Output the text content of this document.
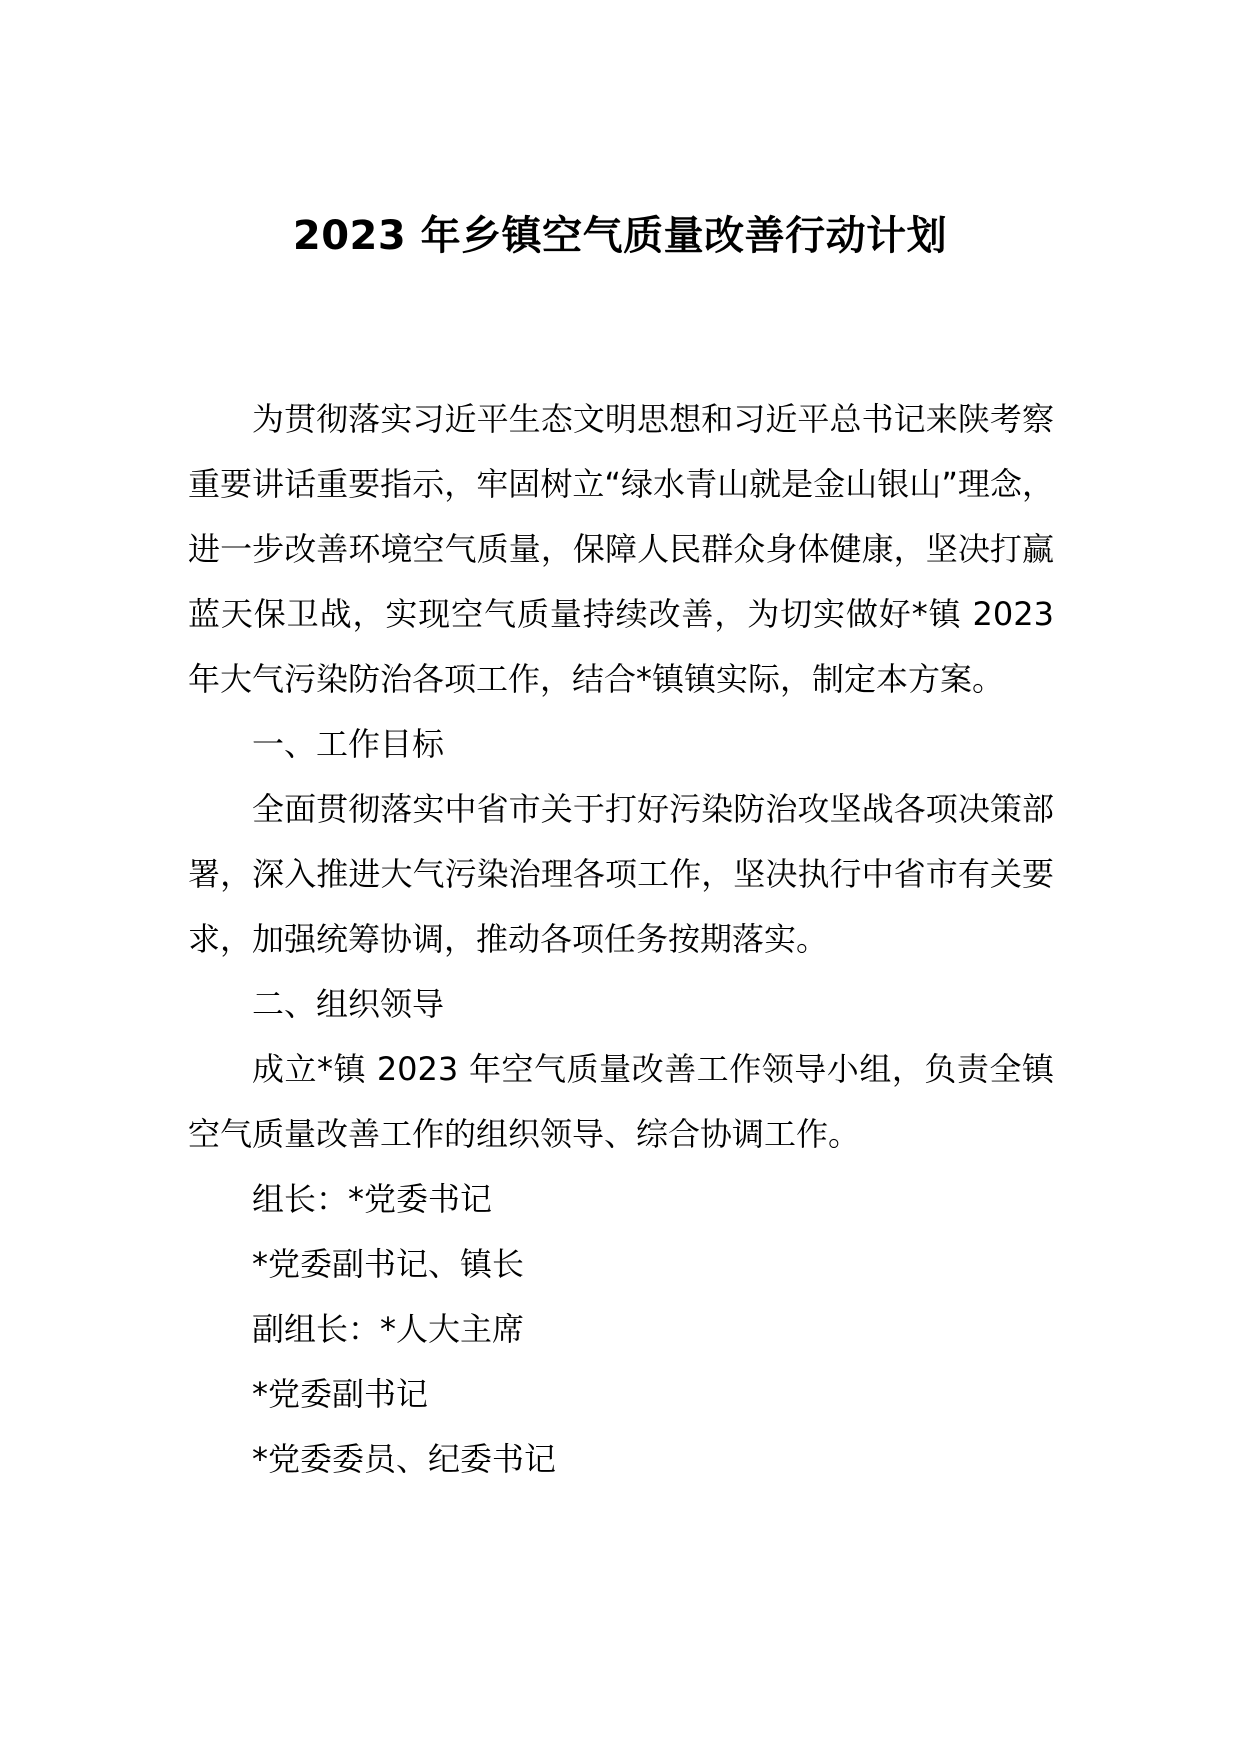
2023 年乡镇空气质量改善行动计划

为贯彻落实习近平生态文明思想和习近平总书记来陕考察重要讲话重要指示，牢固树立“绿水青山就是金山银山”理念，进一步改善环境空气质量，保障人民群众身体健康，坚决打赢蓝天保卫战，实现空气质量持续改善，为切实做好*镇 2023 年大气污染防治各项工作，结合*镇镇实际，制定本方案。

一、工作目标

全面贯彻落实中省市关于打好污染防治攻坚战各项决策部署，深入推进大气污染治理各项工作，坚决执行中省市有关要求，加强统筹协调，推动各项任务按期落实。

二、组织领导

成立*镇 2023 年空气质量改善工作领导小组，负责全镇空气质量改善工作的组织领导、综合协调工作。

组长：*党委书记

*党委副书记、镇长

副组长：*人大主席

*党委副书记

*党委委员、纪委书记
